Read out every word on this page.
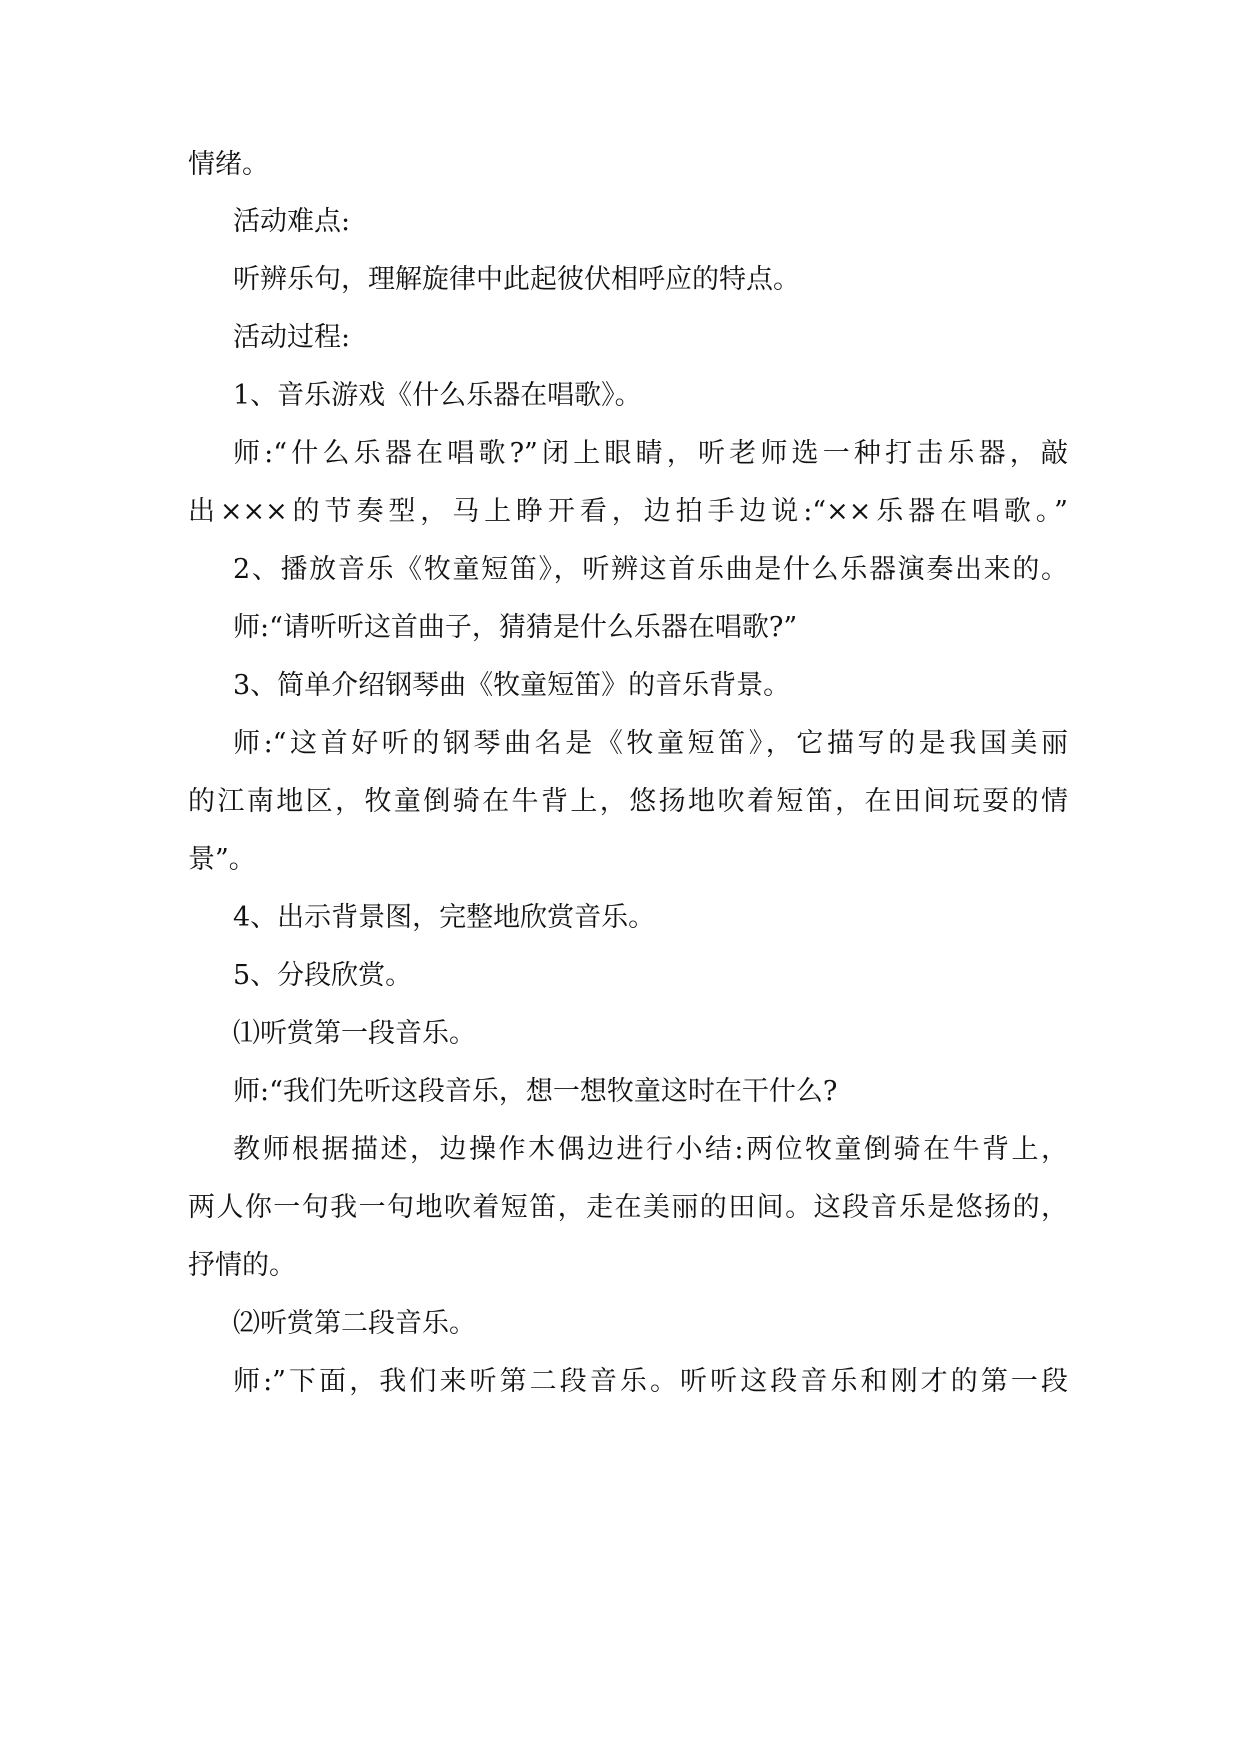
情绪。
活动难点:
听辨乐句，理解旋律中此起彼伏相呼应的特点。
活动过程:
1、音乐游戏《什么乐器在唱歌》。
师:“什么乐器在唱歌?”闭上眼睛，听老师选一种打击乐器，敲
出×××的节奏型，马上睁开看，边拍手边说:“××乐器在唱歌。”
2、播放音乐《牧童短笛》，听辨这首乐曲是什么乐器演奏出来的。
师:“请听听这首曲子，猜猜是什么乐器在唱歌?”
3、简单介绍钢琴曲《牧童短笛》的音乐背景。
师:“这首好听的钢琴曲名是《牧童短笛》，它描写的是我国美丽
的江南地区，牧童倒骑在牛背上，悠扬地吹着短笛，在田间玩耍的情
景”。
4、出示背景图，完整地欣赏音乐。
5、分段欣赏。
⑴听赏第一段音乐。
师:“我们先听这段音乐，想一想牧童这时在干什么?
教师根据描述，边操作木偶边进行小结:两位牧童倒骑在牛背上，
两人你一句我一句地吹着短笛，走在美丽的田间。这段音乐是悠扬的，
抒情的。
⑵听赏第二段音乐。
师:”下面，我们来听第二段音乐。听听这段音乐和刚才的第一段
